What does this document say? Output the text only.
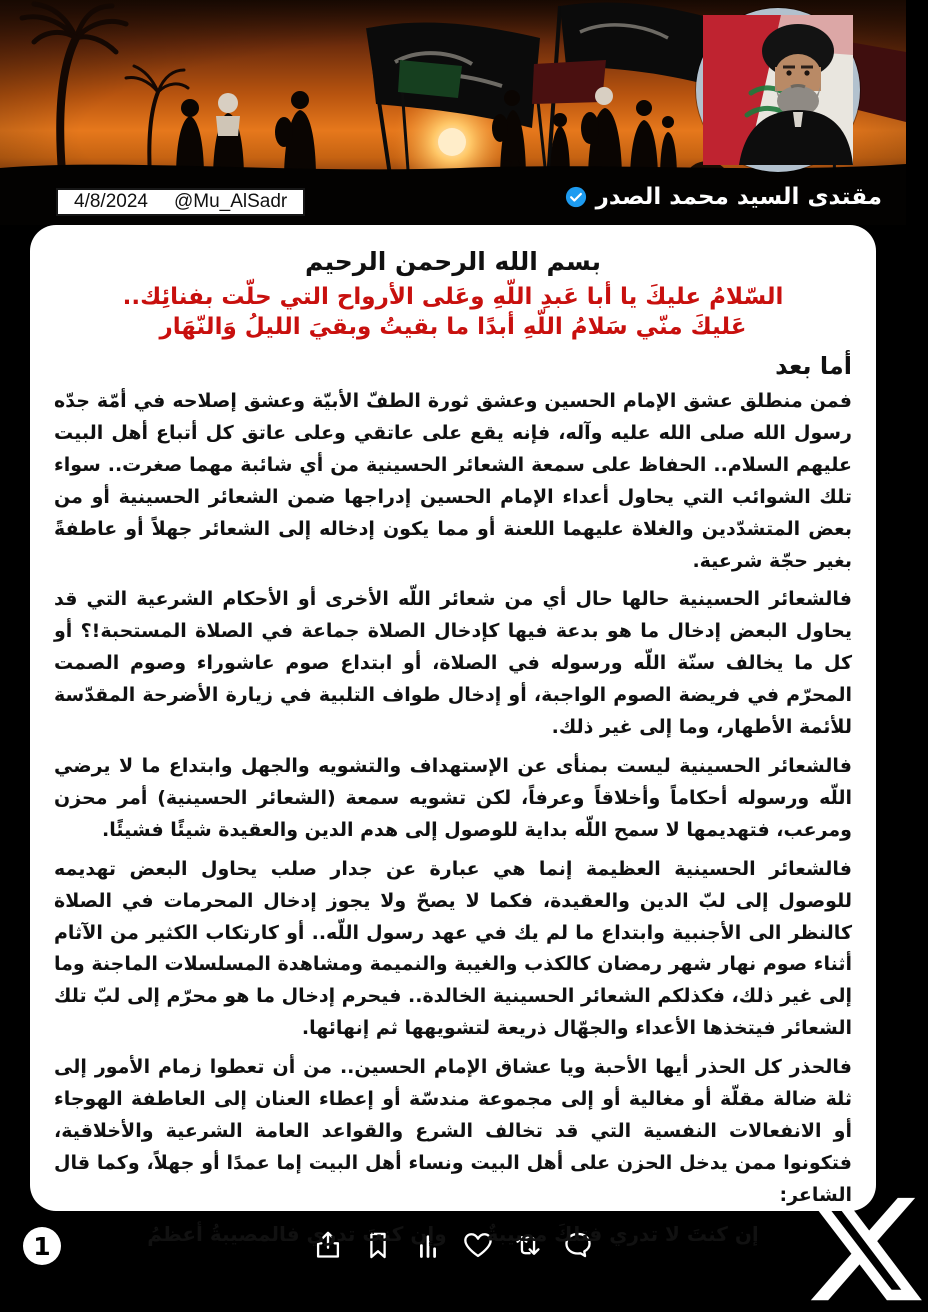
4/8/2024 @Mu_AlSadr	مقتدى السيد محمد الصدر
بسم الله الرحمن الرحيم
السّلامُ عليكَ يا أبا عَبدِ اللّهِ وعَلى الأرواح التي حلّت بفنائِك..
عَليكَ منّي سَلامُ اللّهِ أبدًا ما بقيتُ وبقيَ الليلُ وَالنّهَار
أما بعد

فمن منطلق عشق الإمام الحسين وعشق ثورة الطفّ الأبيّة وعشق إصلاحه في أمّة جدّه رسول الله صلى الله عليه وآله، فإنه يقع على عاتقي وعلى عاتق كل أتباع أهل البيت عليهم السلام.. الحفاظ على سمعة الشعائر الحسينية من أي شائبة مهما صغرت.. سواء تلك الشوائب التي يحاول أعداء الإمام الحسين إدراجها ضمن الشعائر الحسينية أو من بعض المتشدّدين والغلاة عليهما اللعنة أو مما يكون إدخاله إلى الشعائر جهلاً أو عاطفةً بغير حجّة شرعية.

فالشعائر الحسينية حالها حال أي من شعائر اللّه الأخرى أو الأحكام الشرعية التي قد يحاول البعض إدخال ما هو بدعة فيها كإدخال الصلاة جماعة في الصلاة المستحبة!؟ أو كل ما يخالف سنّة اللّه ورسوله في الصلاة، أو ابتداع صوم عاشوراء وصوم الصمت المحرّم في فريضة الصوم الواجبة، أو إدخال طواف التلبية في زيارة الأضرحة المقدّسة للأئمة الأطهار، وما إلى غير ذلك.

فالشعائر الحسينية ليست بمنأى عن الإستهداف والتشويه والجهل وابتداع ما لا يرضي اللّه ورسوله أحكاماً وأخلاقاً وعرفاً، لكن تشويه سمعة (الشعائر الحسينية) أمر محزن ومرعب، فتهديمها لا سمح اللّه بداية للوصول إلى هدم الدين والعقيدة شيئًا فشيئًا.

فالشعائر الحسينية العظيمة إنما هي عبارة عن جدار صلب يحاول البعض تهديمه للوصول إلى لبّ الدين والعقيدة، فكما لا يصحّ ولا يجوز إدخال المحرمات في الصلاة كالنظر الى الأجنبية وابتداع ما لم يك في عهد رسول اللّه.. أو كارتكاب الكثير من الآثام أثناء صوم نهار شهر رمضان كالكذب والغيبة والنميمة ومشاهدة المسلسلات الماجنة وما إلى غير ذلك، فكذلكم الشعائر الحسينية الخالدة.. فيحرم إدخال ما هو محرّم إلى لبّ تلك الشعائر فيتخذها الأعداء والجهّال ذريعة لتشويهها ثم إنهائها.

فالحذر كل الحذر أيها الأحبة ويا عشاق الإمام الحسين.. من أن تعطوا زمام الأمور إلى ثلة ضالة مقلّة أو مغالية أو إلى مجموعة مندسّة أو إعطاء العنان إلى العاطفة الهوجاء أو الانفعالات النفسية التي قد تخالف الشرع والقواعد العامة الشرعية والأخلاقية، فتكونوا ممن يدخل الحزن على أهل البيت ونساء أهل البيت إما عمدًا أو جهلاً، وكما قال الشاعر:

إن كنتَ لا تدري فتلكَ مصيبةٌ
وإن كنتَ تدري فالمصيبةُ أعظمُ
1
